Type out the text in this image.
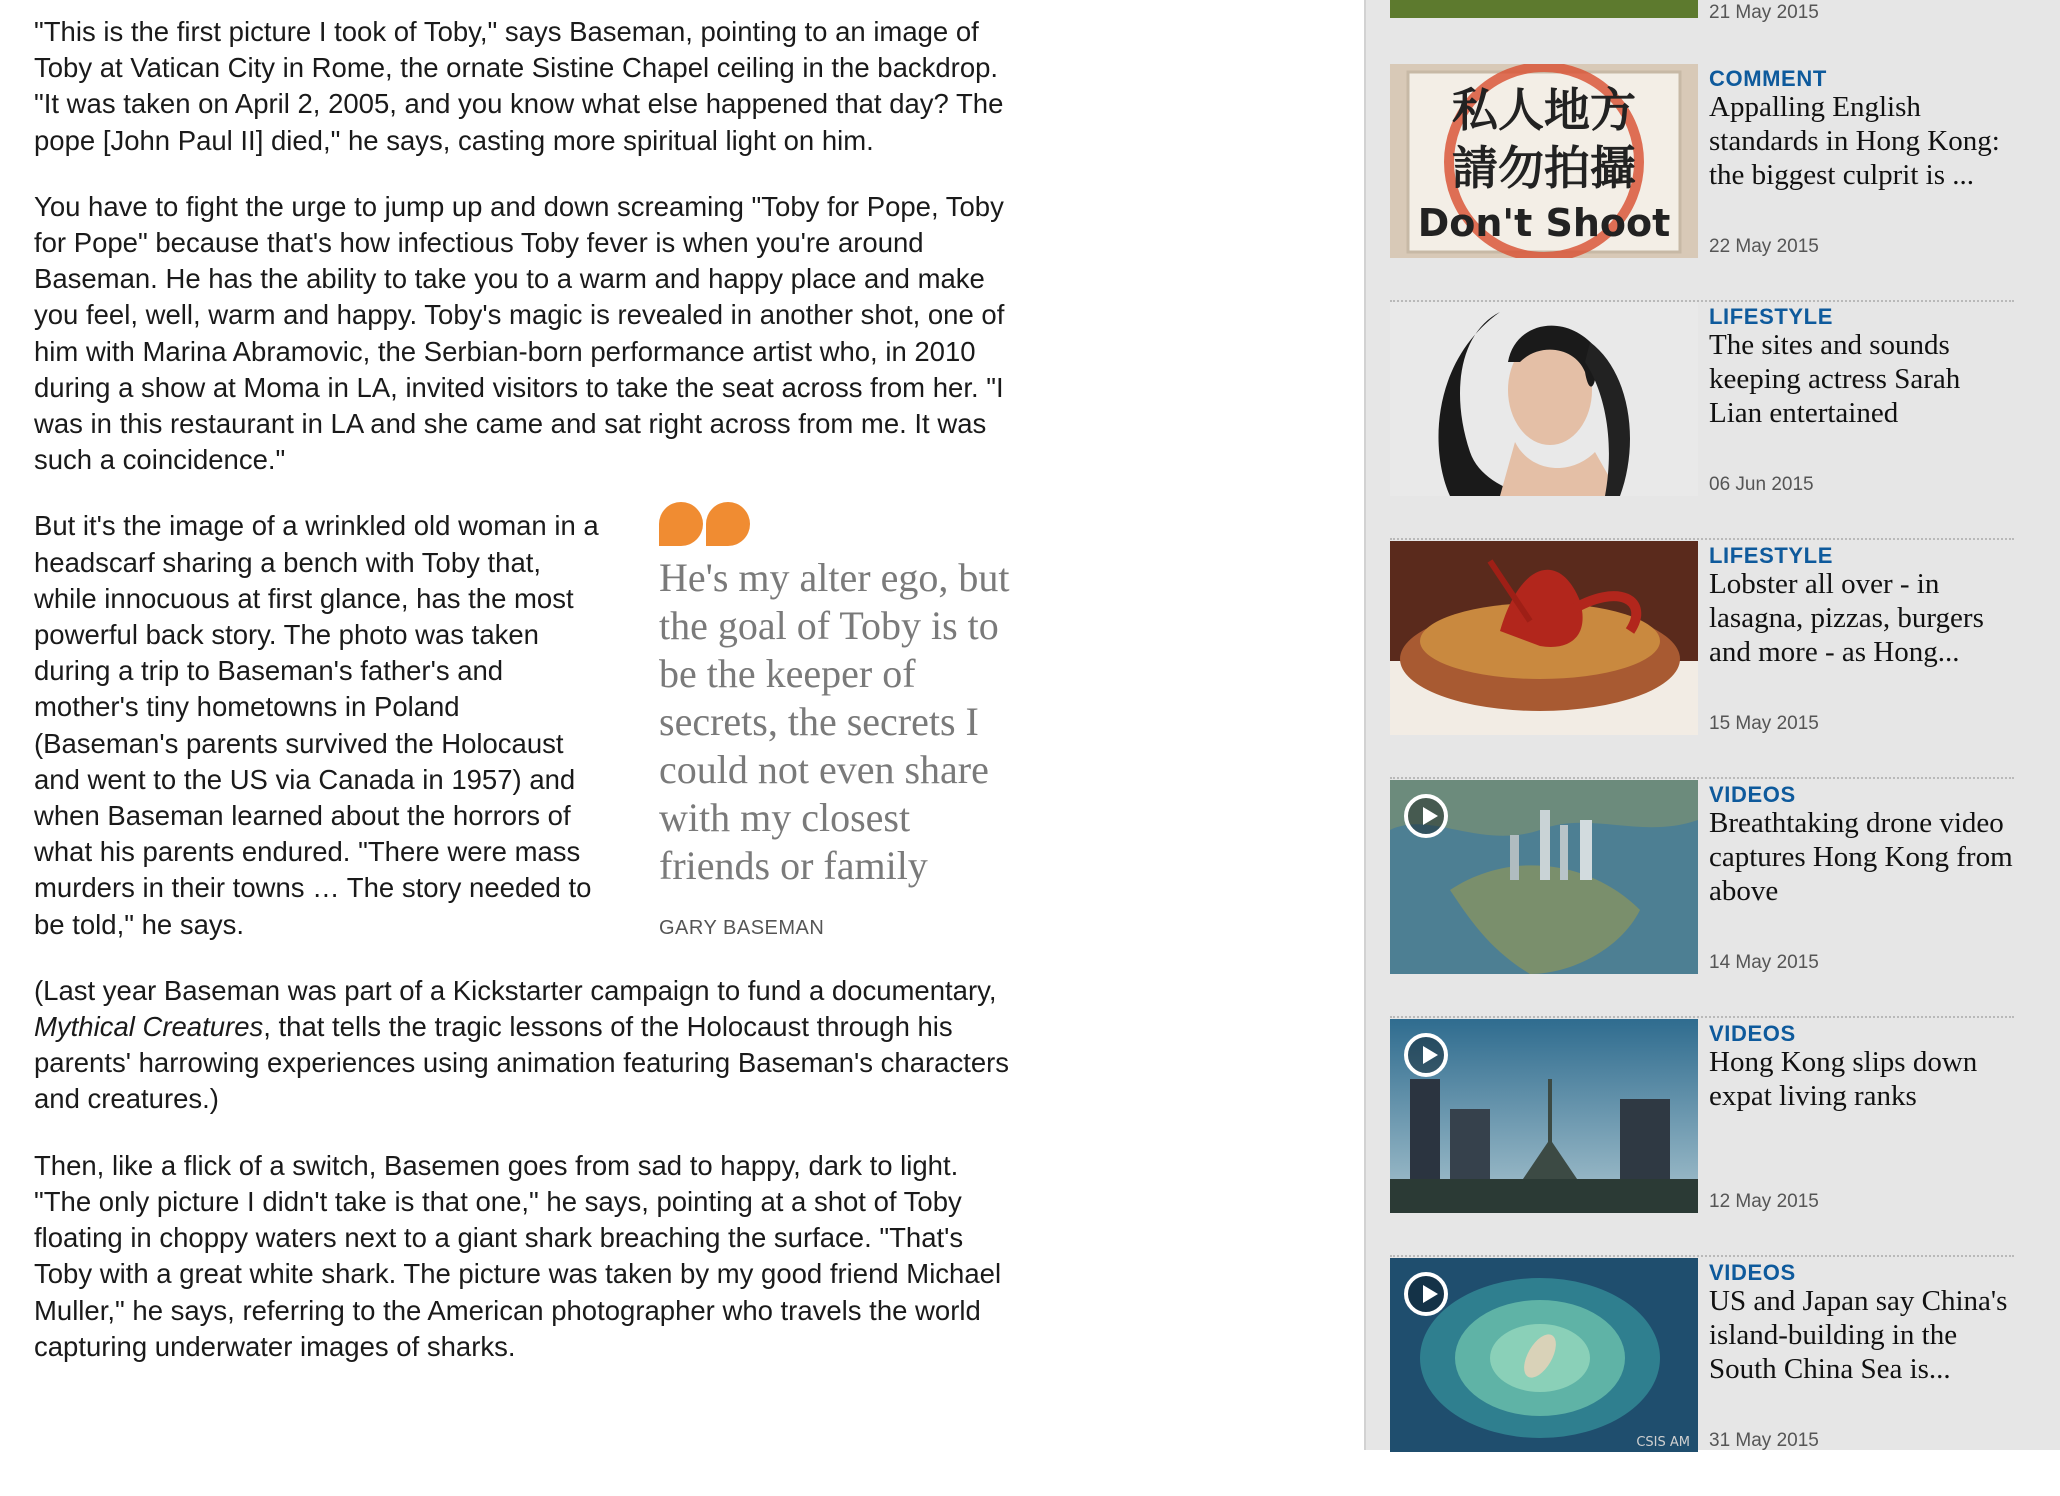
"This is the first picture I took of Toby," says Baseman, pointing to an image of Toby at Vatican City in Rome, the ornate Sistine Chapel ceiling in the backdrop. "It was taken on April 2, 2005, and you know what else happened that day? The pope [John Paul II] died," he says, casting more spiritual light on him.

You have to fight the urge to jump up and down screaming "Toby for Pope, Toby for Pope" because that's how infectious Toby fever is when you're around Baseman. He has the ability to take you to a warm and happy place and make you feel, well, warm and happy. Toby's magic is revealed in another shot, one of him with Marina Abramovic, the Serbian-born performance artist who, in 2010 during a show at Moma in LA, invited visitors to take the seat across from her. "I was in this restaurant in LA and she came and sat right across from me. It was such a coincidence."

He's my alter ego, but the goal of Toby is to be the keeper of secrets, the secrets I could not even share with my closest friends or family
GARY BASEMAN

But it's the image of a wrinkled old woman in a headscarf sharing a bench with Toby that, while innocuous at first glance, has the most powerful back story. The photo was taken during a trip to Baseman's father's and mother's tiny hometowns in Poland (Baseman's parents survived the Holocaust and went to the US via Canada in 1957) and when Baseman learned about the horrors of what his parents endured. "There were mass murders in their towns … The story needed to be told," he says.

(Last year Baseman was part of a Kickstarter campaign to fund a documentary, Mythical Creatures, that tells the tragic lessons of the Holocaust through his parents' harrowing experiences using animation featuring Baseman's characters and creatures.)

Then, like a flick of a switch, Basemen goes from sad to happy, dark to light. "The only picture I didn't take is that one," he says, pointing at a shot of Toby floating in choppy waters next to a giant shark breaching the surface. "That's Toby with a great white shark. The picture was taken by my good friend Michael Muller," he says, referring to the American photographer who travels the world capturing underwater images of sharks.

21 May 2015
私人地方
請勿拍攝
Don't Shoot
COMMENT
Appalling English standards in Hong Kong: the biggest culprit is ...
22 May 2015
LIFESTYLE
The sites and sounds keeping actress Sarah Lian entertained
06 Jun 2015
LIFESTYLE
Lobster all over - in lasagna, pizzas, burgers and more - as Hong...
15 May 2015
VIDEOS
Breathtaking drone video captures Hong Kong from above
14 May 2015
VIDEOS
Hong Kong slips down expat living ranks
12 May 2015
CSIS AM
VIDEOS
US and Japan say China's island-building in the South China Sea is...
31 May 2015
